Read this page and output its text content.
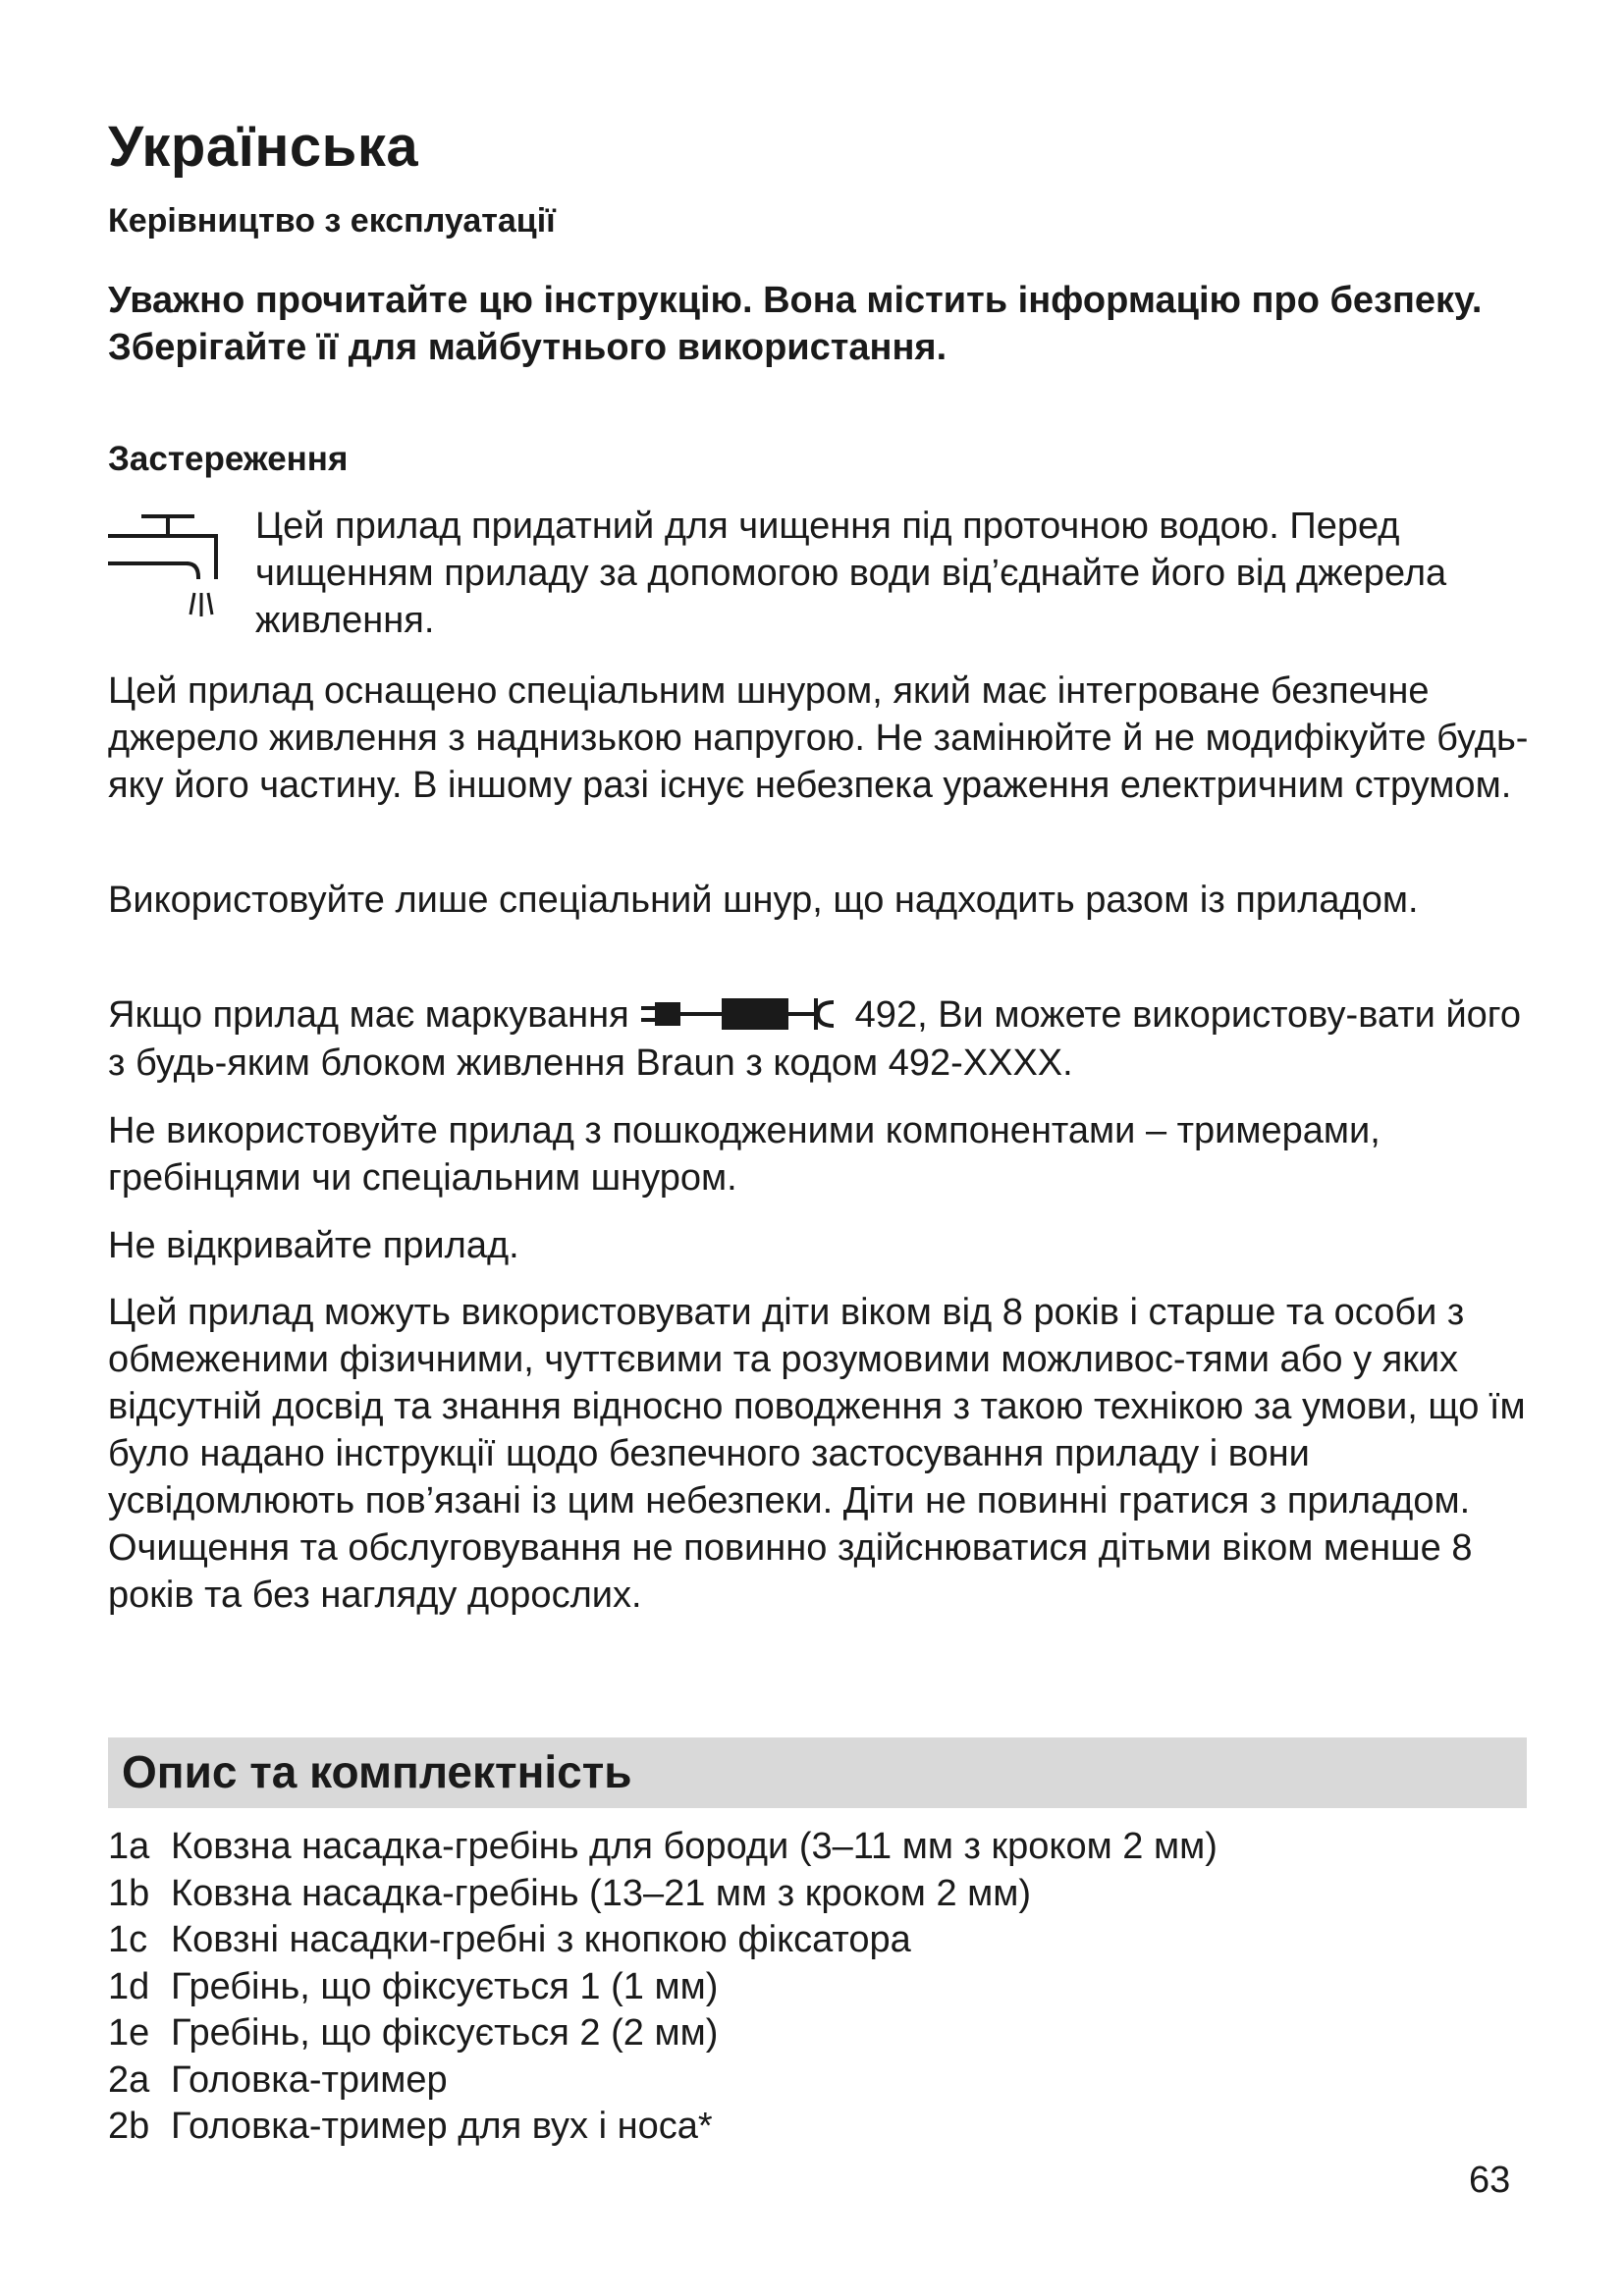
Українська
Керівництво з експлуатації
Уважно прочитайте цю інструкцію. Вона містить інформацію про безпеку. Зберігайте її для майбутнього використання.
Застереження
Цей прилад придатний для чищення під проточною водою. Перед чищенням приладу за допомогою води від’єднайте його від джерела живлення.
Цей прилад оснащено спеціальним шнуром, який має інтегроване безпечне джерело живлення з наднизькою напругою. Не замінюйте й не модифікуйте будь-яку його частину. В іншому разі існує небезпека ураження електричним струмом.
Використовуйте лише спеціальний шнур, що надходить разом із приладом.
Якщо прилад має маркування	492, Ви можете використову-вати його з будь-яким блоком живлення Braun з кодом 492-XXXX.
Не використовуйте прилад з пошкодженими компонентами – тримерами, гребінцями чи спеціальним шнуром.
Не відкривайте прилад.
Цей прилад можуть використовувати діти віком від 8 років і старше та особи з обмеженими фізичними, чуттєвими та розумовими можливос-тями або у яких відсутній досвід та знання відносно поводження з такою технікою за умови, що їм було надано інструкції щодо безпечного застосування приладу і вони усвідомлюють пов’язані із цим небезпеки. Діти не повинні гратися з приладом. Очищення та обслуговування не повинно здійснюватися дітьми віком менше 8 років та без нагляду дорослих.
Опис та комплектність
1a Ковзна насадка-гребінь для бороди (3–11 мм з кроком 2 мм)
1b Ковзна насадка-гребінь (13–21 мм з кроком 2 мм)
1c Ковзні насадки-гребні з кнопкою фіксатора
1d Гребінь, що фіксується 1 (1 мм)
1e Гребінь, що фіксується 2 (2 мм)
2a Головка-тример
2b Головка-тример для вух і носа*
63
